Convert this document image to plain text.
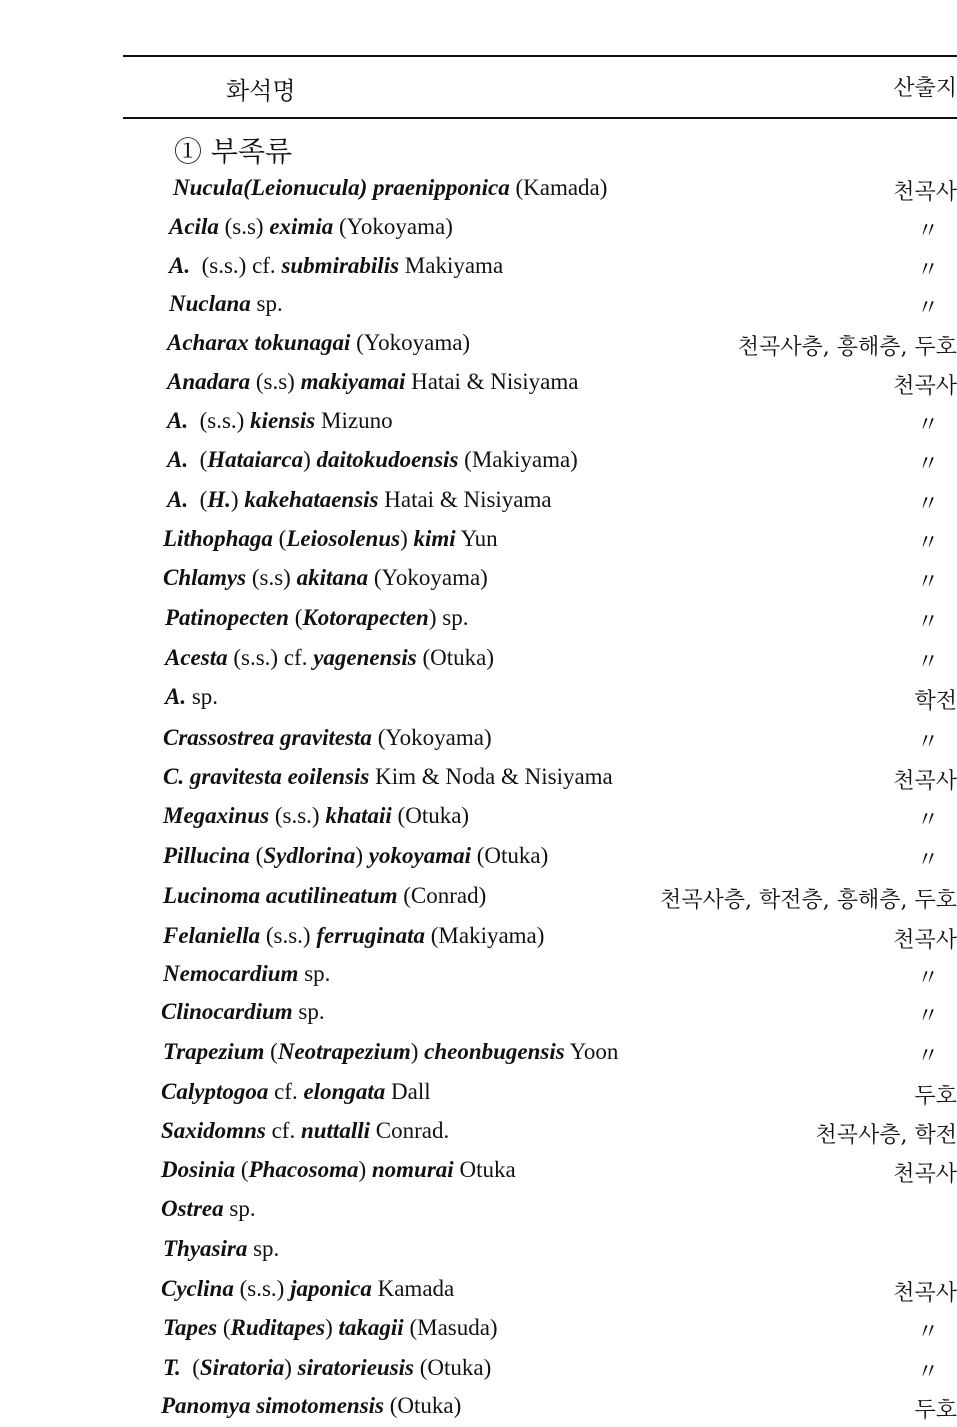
화석명	산출지
① 부족류
Nucula(Leionucula) praenipponica (Kamada)	천곡사
Acila (s.s) eximia (Yokoyama)	〃
A.  (s.s.) cf. submirabilis Makiyama	〃
Nuclana sp.	〃
Acharax tokunagai (Yokoyama)	천곡사층, 흥해층, 두호
Anadara (s.s) makiyamai Hatai & Nisiyama	천곡사
A.  (s.s.) kiensis Mizuno	〃
A.  (Hataiarca) daitokudoensis (Makiyama)	〃
A.  (H.) kakehataensis Hatai & Nisiyama	〃
Lithophaga (Leiosolenus) kimi Yun	〃
Chlamys (s.s) akitana (Yokoyama)	〃
Patinopecten (Kotorapecten) sp.	〃
Acesta (s.s.) cf. yagenensis (Otuka)	〃
A. sp.	학전
Crassostrea gravitesta (Yokoyama)	〃
C. gravitesta eoilensis Kim & Noda & Nisiyama	천곡사
Megaxinus (s.s.) khataii (Otuka)	〃
Pillucina (Sydlorina) yokoyamai (Otuka)	〃
Lucinoma acutilineatum (Conrad)	천곡사층, 학전층, 흥해층, 두호
Felaniella (s.s.) ferruginata (Makiyama)	천곡사
Nemocardium sp.	〃
Clinocardium sp.	〃
Trapezium (Neotrapezium) cheonbugensis Yoon	〃
Calyptogoa cf. elongata Dall	두호
Saxidomns cf. nuttalli Conrad.	천곡사층, 학전
Dosinia (Phacosoma) nomurai Otuka	천곡사
Ostrea sp.
Thyasira sp.
Cyclina (s.s.) japonica Kamada	천곡사
Tapes (Ruditapes) takagii (Masuda)	〃
T.  (Siratoria) siratorieusis (Otuka)	〃
Panomya simotomensis (Otuka)	두호
